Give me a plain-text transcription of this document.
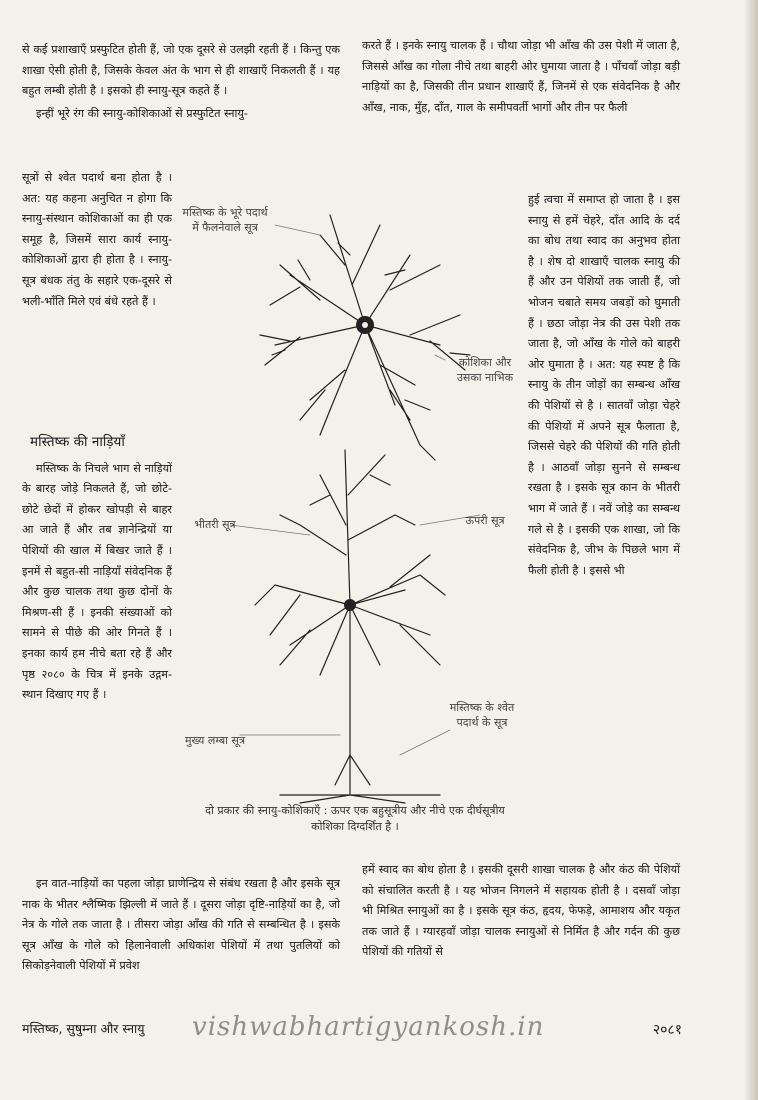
से कई प्रशाखाएँ प्रस्फुटित होती हैं, जो एक दूसरे से उलझी रहती हैं । किन्तु एक शाखा ऐसी होती है, जिसके केवल अंत के भाग से ही शाखाएँ निकलती हैं । यह बहुत लम्बी होती है । इसको ही स्नायु-सूत्र कहते हैं ।

इन्हीं भूरे रंग की स्नायु-कोशिकाओं से प्रस्फुटित स्नायु-

करते हैं । इनके स्नायु चालक हैं । चौथा जोड़ा भी आँख की उस पेशी में जाता है, जिससे आँख का गोला नीचे तथा बाहरी ओर घुमाया जाता है । पाँचवाँ जोड़ा बड़ी नाड़ियों का है, जिसकी तीन प्रधान शाखाएँ हैं, जिनमें से एक संवेदनिक है और आँख, नाक, मुँह, दाँत, गाल के समीपवर्ती भागों और तीन पर फैली

सूत्रों से श्वेत पदार्थ बना होता है । अत: यह कहना अनुचित न होगा कि स्नायु-संस्थान कोशिकाओं का ही एक समूह है, जिसमें सारा कार्य स्नायु-कोशिकाओं द्वारा ही होता है । स्नायु-सूत्र बंधक तंतु के सहारे एक-दूसरे से भली-भाँति मिले एवं बंधे रहते हैं ।

मस्तिष्क की नाड़ियाँ

मस्तिष्क के निचले भाग से नाड़ियों के बारह जोड़े निकलते हैं, जो छोटे-छोटे छेदों में होकर खोपड़ी से बाहर आ जाते हैं और तब ज्ञानेन्द्रियों या पेशियों की खाल में बिखर जाते हैं । इनमें से बहुत-सी नाड़ियाँ संवेदनिक हैं और कुछ चालक तथा कुछ दोनों के मिश्रण-सी हैं । इनकी संख्याओं को सामने से पीछे की ओर गिनते हैं । इनका कार्य हम नीचे बता रहे हैं और पृष्ठ २०८० के चित्र में इनके उद्गम-स्थान दिखाए गए हैं ।

हुई त्वचा में समाप्त हो जाता है । इस स्नायु से हमें चेहरे, दाँत आदि के दर्द का बोध तथा स्वाद का अनुभव होता है । शेष दो शाखाएँ चालक स्नायु की हैं और उन पेशियों तक जाती हैं, जो भोजन चबाते समय जबड़ों को घुमाती हैं । छठा जोड़ा नेत्र की उस पेशी तक जाता है, जो आँख के गोले को बाहरी ओर घुमाता है । अत: यह स्पष्ट है कि स्नायु के तीन जोड़ों का सम्बन्ध आँख की पेशियों से है । सातवाँ जोड़ा चेहरे की पेशियों में अपने सूत्र फैलाता है, जिससे चेहरे की पेशियों की गति होती है । आठवाँ जोड़ा सुनने से सम्बन्ध रखता है । इसके सूत्र कान के भीतरी भाग में जाते हैं । नवें जोड़े का सम्बन्ध गले से है । इसकी एक शाखा, जो कि संवेदनिक है, जीभ के पिछले भाग में फैली होती है । इससे भी

मस्तिष्क के भूरे पदार्थ में फैलनेवाले सूत्र
कोशिका और उसका नाभिक
भीतरी सूत्र	ऊपरी सूत्र
मुख्य लम्बा सूत्र
मस्तिष्क के श्वेत पदार्थ के सूत्र
दो प्रकार की स्नायु-कोशिकाएँ : ऊपर एक बहुसूत्रीय और नीचे एक दीर्घसूत्रीय कोशिका दिग्दर्शित है ।

इन वात-नाड़ियों का पहला जोड़ा घ्राणेन्द्रिय से संबंध रखता है और इसके सूत्र नाक के भीतर श्लैष्मिक झिल्ली में जाते हैं । दूसरा जोड़ा दृष्टि-नाड़ियों का है, जो नेत्र के गोले तक जाता है । तीसरा जोड़ा आँख की गति से सम्बन्धित है । इसके सूत्र आँख के गोले को हिलानेवाली अधिकांश पेशियों में तथा पुतलियों को सिकोड़नेवाली पेशियों में प्रवेश

हमें स्वाद का बोध होता है । इसकी दूसरी शाखा चालक है और कंठ की पेशियों को संचालित करती है । यह भोजन निगलने में सहायक होती है । दसवाँ जोड़ा भी मिश्रित स्नायुओं का है । इसके सूत्र कंठ, हृदय, फेफड़े, आमाशय और यकृत तक जाते हैं । ग्यारहवाँ जोड़ा चालक स्नायुओं से निर्मित है और गर्दन की कुछ पेशियों की गतियों से

मस्तिष्क, सुषुम्ना और स्नायु vishwabhartigyankosh.in	२०८१
